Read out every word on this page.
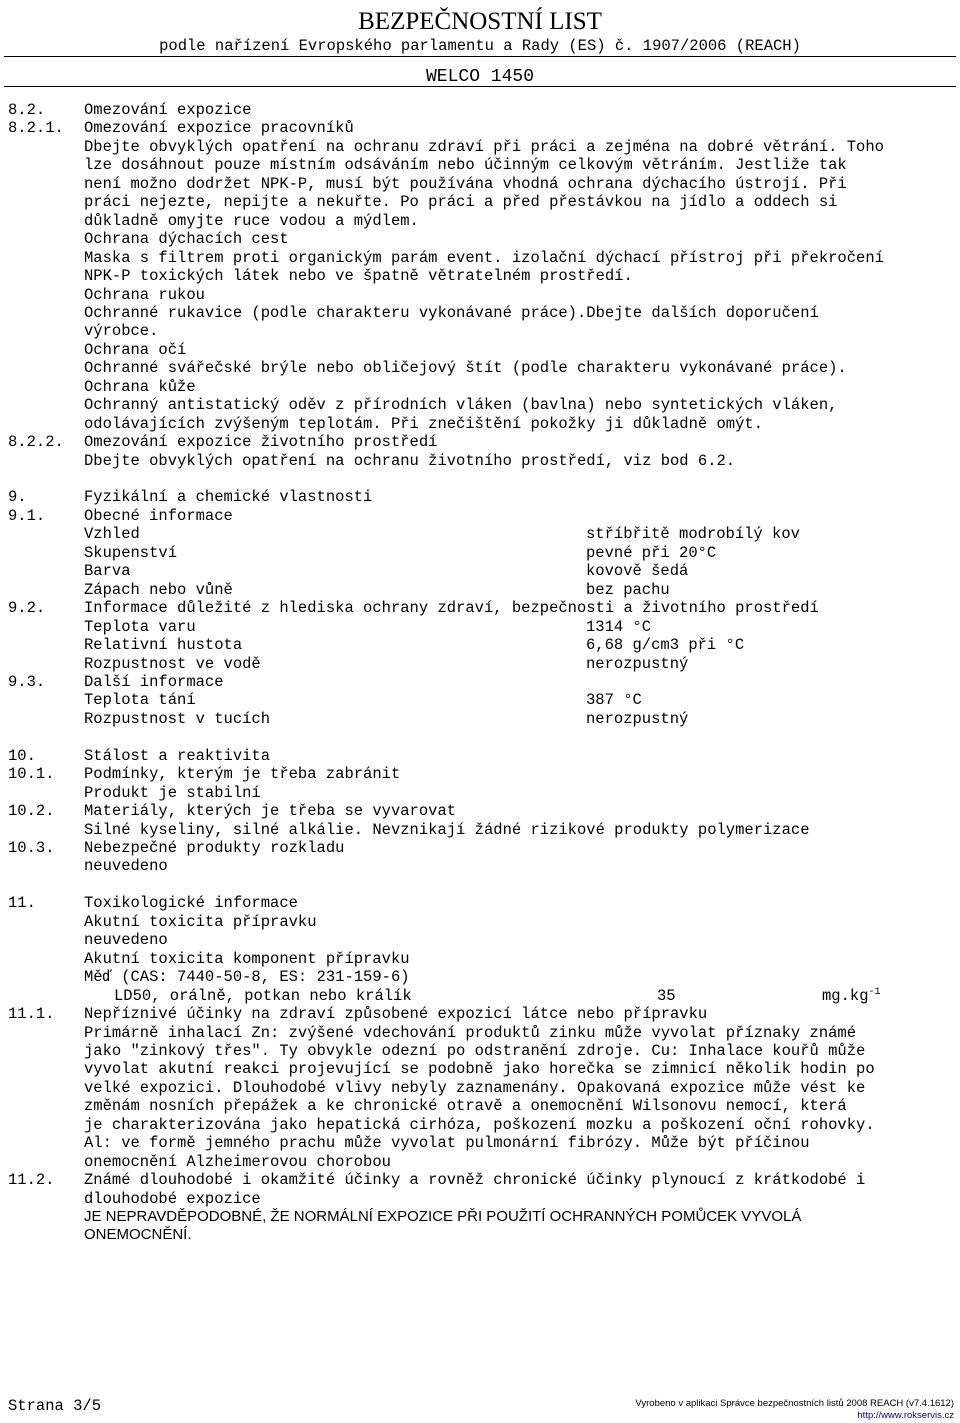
BEZPEČNOSTNÍ LIST
podle nařízení Evropského parlamentu a Rady (ES) č. 1907/2006 (REACH)
WELCO 1450
8.2.	Omezování expozice
8.2.1. Omezování expozice pracovníků
Dbejte obvyklých opatření na ochranu zdraví při práci a zejména na dobré větrání. Toho
lze dosáhnout pouze místním odsáváním nebo účinným celkovým větráním. Jestliže tak
není možno dodržet NPK-P, musí být používána vhodná ochrana dýchacího ústrojí. Při
práci nejezte, nepijte a nekuřte. Po práci a před přestávkou na jídlo a oddech si
důkladně omyjte ruce vodou a mýdlem.
Ochrana dýchacích cest
Maska s filtrem proti organickým parám event. izolační dýchací přístroj při překročení
NPK-P toxických látek nebo ve špatně větratelném prostředí.
Ochrana rukou
Ochranné rukavice (podle charakteru vykonávané práce).Dbejte dalších doporučení
výrobce.
Ochrana očí
Ochranné svářečské brýle nebo obličejový štít (podle charakteru vykonávané práce).
Ochrana kůže
Ochranný antistatický oděv z přírodních vláken (bavlna) nebo syntetických vláken,
odolávajících zvýšeným teplotám. Při znečištění pokožky ji důkladně omýt.
8.2.2. Omezování expozice životního prostředí
Dbejte obvyklých opatření na ochranu životního prostředí, viz bod 6.2.
9.	Fyzikální a chemické vlastnosti
9.1.	Obecné informace
Vzhled	stříbřitě modrobílý kov
Skupenství	pevné při 20°C
Barva	kovově šedá
Zápach nebo vůně	bez pachu
9.2.	Informace důležité z hlediska ochrany zdraví, bezpečnosti a životního prostředí
Teplota varu	1314 °C
Relativní hustota	6,68 g/cm3 při °C
Rozpustnost ve vodě	nerozpustný
9.3.	Další informace
Teplota tání	387 °C
Rozpustnost v tucích	nerozpustný
10.	Stálost a reaktivita
10.1. Podmínky, kterým je třeba zabránit
Produkt je stabilní
10.2. Materiály, kterých je třeba se vyvarovat
Silné kyseliny, silné alkálie. Nevznikají žádné rizikové produkty polymerizace
10.3. Nebezpečné produkty rozkladu
neuvedeno
11.	Toxikologické informace
Akutní toxicita přípravku
neuvedeno
Akutní toxicita komponent přípravku
Měď (CAS: 7440-50-8, ES: 231-159-6)
LD50, orálně, potkan nebo králík	35	$mg.kg^{-1}$
11.1. Nepříznivé účinky na zdraví způsobené expozicí látce nebo přípravku
Primárně inhalací Zn: zvýšené vdechování produktů zinku může vyvolat příznaky známé
jako "zinkový třes". Ty obvykle odezní po odstranění zdroje. Cu: Inhalace kouřů může
vyvolat akutní reakci projevující se podobně jako horečka se zimnicí několik hodin po
velké expozici. Dlouhodobé vlivy nebyly zaznamenány. Opakovaná expozice může vést ke
změnám nosních přepážek a ke chronické otravě a onemocnění Wilsonovu nemocí, která
je charakterizována jako hepatická cirhóza, poškození mozku a poškození oční rohovky.
Al: ve formě jemného prachu může vyvolat pulmonární fibrózy. Může být příčinou
onemocnění Alzheimerovou chorobou
11.2. Známé dlouhodobé i okamžité účinky a rovněž chronické účinky plynoucí z krátkodobé i
dlouhodobé expozice
JE NEPRAVDĚPODOBNÉ, ŽE NORMÁLNÍ EXPOZICE PŘI POUŽITÍ OCHRANNÝCH POMŮCEK VYVOLÁ
ONEMOCNĚNÍ.
Strana 3/5	Vyrobeno v aplikaci Správce bezpečnostních listů 2008 REACH (v7.4.1612)
http://www.rokservis.cz
